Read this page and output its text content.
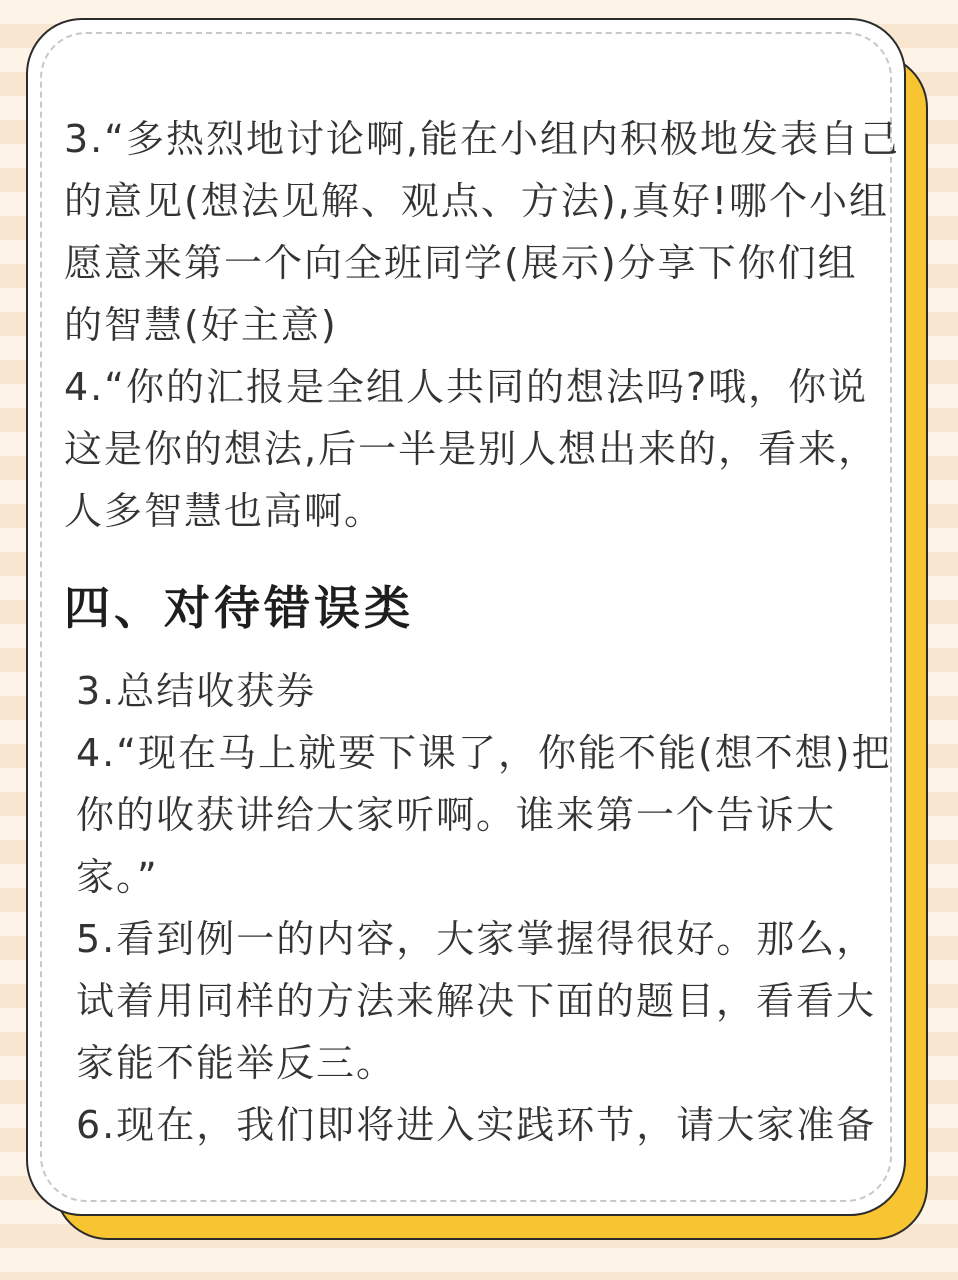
3.“多热烈地讨论啊,能在小组内积极地发表自己
的意见(想法见解、观点、方法),真好!哪个小组
愿意来第一个向全班同学(展示)分享下你们组
的智慧(好主意)
4.“你的汇报是全组人共同的想法吗?哦，你说
这是你的想法,后一半是别人想出来的，看来，
人多智慧也高啊。
四、对待错误类
3.总结收获券
4.“现在马上就要下课了，你能不能(想不想)把
你的收获讲给大家听啊。谁来第一个告诉大
家。”
5.看到例一的内容，大家掌握得很好。那么，
试着用同样的方法来解决下面的题目，看看大
家能不能举反三。
6.现在，我们即将进入实践环节，请大家准备
